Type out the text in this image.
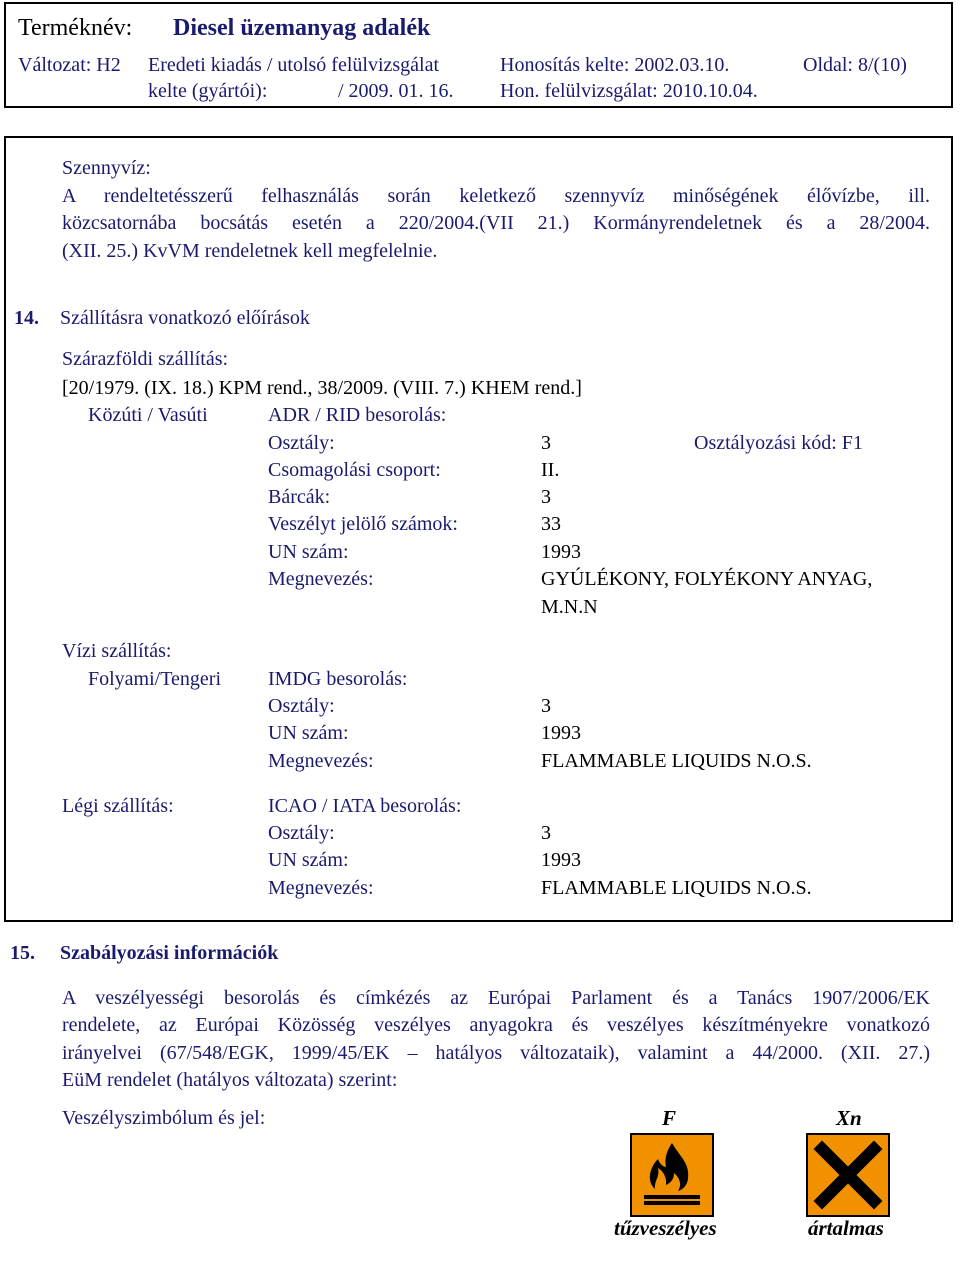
Terméknév: Diesel üzemanyag adalék
Változat: H2 Eredeti kiadás / utolsó felülvizsgálat	Honosítás kelte: 2002.03.10.	Oldal: 8/(10)
kelte (gyártói):	/ 2009. 01. 16. Hon. felülvizsgálat: 2010.10.04.
Szennyvíz:
A rendeltetésszerű felhasználás során keletkező szennyvíz minőségének élővízbe, ill.
közcsatornába bocsátás esetén a 220/2004.(VII 21.) Kormányrendeletnek és a 28/2004.
(XII. 25.) KvVM rendeletnek kell megfelelnie.
14. Szállításra vonatkozó előírások
Szárazföldi szállítás:
[20/1979. (IX. 18.) KPM rend., 38/2009. (VIII. 7.) KHEM rend.]
Közúti / Vasúti	ADR / RID besorolás:
Osztály:	3	Osztályozási kód: F1
Csomagolási csoport:	II.
Bárcák:	3
Veszélyt jelölő számok:	33
UN szám:	1993
Megnevezés:	GYÚLÉKONY, FOLYÉKONY ANYAG,
M.N.N
Vízi szállítás:
Folyami/Tengeri IMDG besorolás:
Osztály:	3
UN szám:	1993
Megnevezés:	FLAMMABLE LIQUIDS N.O.S.
Légi szállítás:	ICAO / IATA besorolás:
Osztály:	3
UN szám:	1993
Megnevezés:	FLAMMABLE LIQUIDS N.O.S.
15. Szabályozási információk
A veszélyességi besorolás és címkézés az Európai Parlament és a Tanács 1907/2006/EK
rendelete, az Európai Közösség veszélyes anyagokra és veszélyes készítményekre vonatkozó
irányelvei (67/548/EGK, 1999/45/EK – hatályos változataik), valamint a 44/2000. (XII. 27.)
EüM rendelet (hatályos változata) szerint:
Veszélyszimbólum és jel:	F
tűzveszélyes
Xn
ártalmas
